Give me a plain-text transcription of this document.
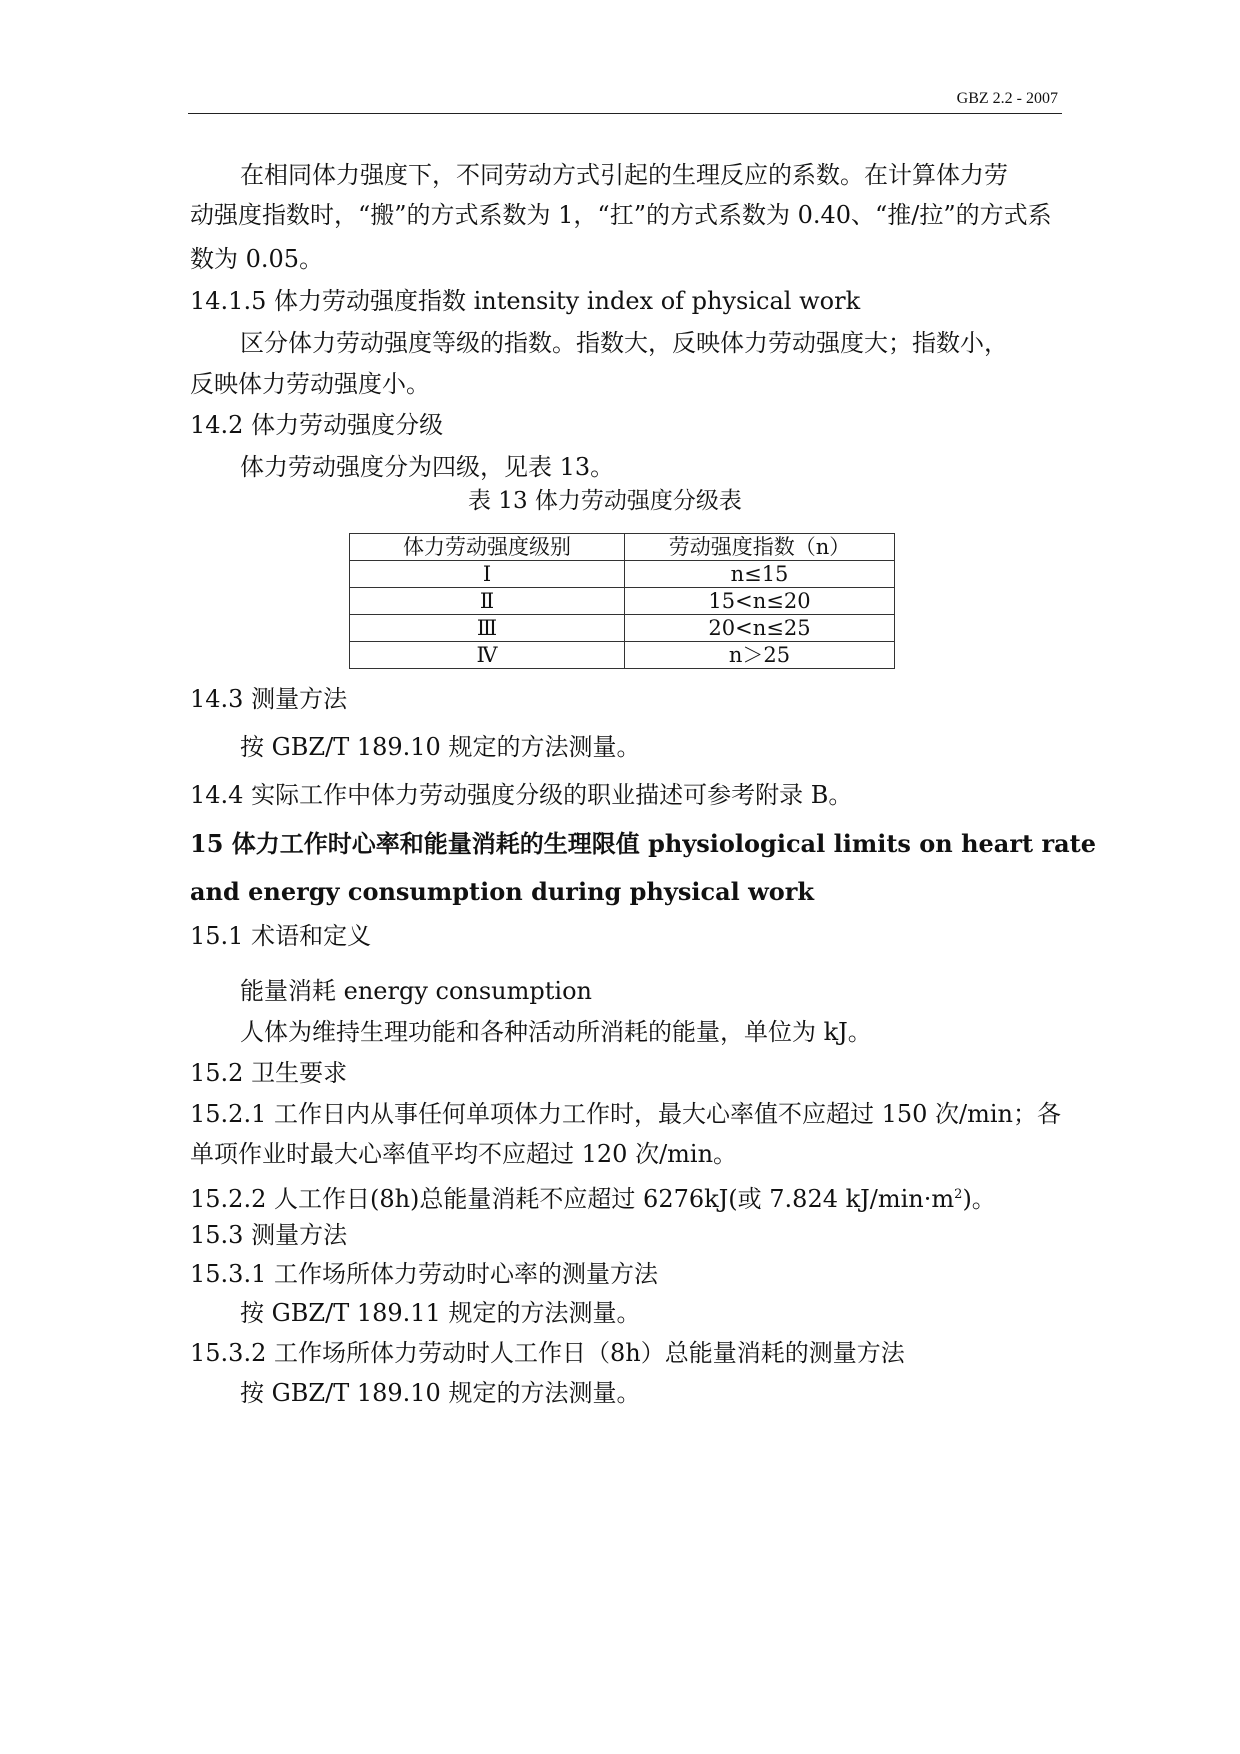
GBZ 2.2 - 2007
在相同体力强度下，不同劳动方式引起的生理反应的系数。在计算体力劳
动强度指数时，“搬”的方式系数为 1，“扛”的方式系数为 0.40、“推/拉”的方式系
数为 0.05。
14.1.5 体力劳动强度指数 intensity index of physical work
区分体力劳动强度等级的指数。指数大，反映体力劳动强度大；指数小，
反映体力劳动强度小。
14.2 体力劳动强度分级
体力劳动强度分为四级，见表 13。
表 13 体力劳动强度分级表
体力劳动强度级别	劳动强度指数（n）
Ⅰ	n≤15
Ⅱ	15<n≤20
Ⅲ	20<n≤25
Ⅳ	n＞25
14.3 测量方法
按 GBZ/T 189.10 规定的方法测量。
14.4 实际工作中体力劳动强度分级的职业描述可参考附录 B。
15 体力工作时心率和能量消耗的生理限值 physiological limits on heart rate
and energy consumption during physical work
15.1 术语和定义
能量消耗 energy consumption
人体为维持生理功能和各种活动所消耗的能量，单位为 kJ。
15.2 卫生要求
15.2.1 工作日内从事任何单项体力工作时，最大心率值不应超过 150 次/min；各
单项作业时最大心率值平均不应超过 120 次/min。
15.2.2 人工作日(8h)总能量消耗不应超过 6276kJ(或 7.824 $kJ/\min\cdot m^2$)。
15.3 测量方法
15.3.1 工作场所体力劳动时心率的测量方法
按 GBZ/T 189.11 规定的方法测量。
15.3.2 工作场所体力劳动时人工作日（8h）总能量消耗的测量方法
按 GBZ/T 189.10 规定的方法测量。
